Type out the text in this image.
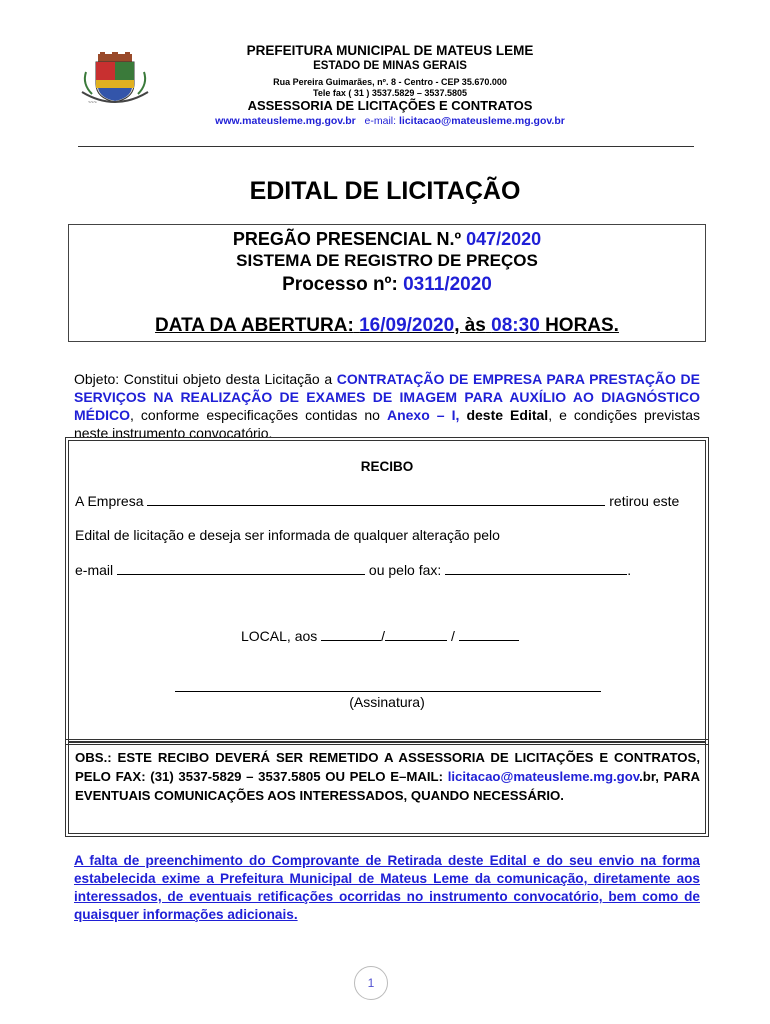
~~~
PREFEITURA MUNICIPAL DE MATEUS LEME
ESTADO DE MINAS GERAIS
Rua Pereira Guimarães, nº. 8 - Centro - CEP 35.670.000
Tele fax ( 31 ) 3537.5829 – 3537.5805
ASSESSORIA DE LICITAÇÕES E CONTRATOS
www.mateusleme.mg.gov.br e-mail: licitacao@mateusleme.mg.gov.br
EDITAL DE LICITAÇÃO
PREGÃO PRESENCIAL N.º 047/2020
SISTEMA DE REGISTRO DE PREÇOS
Processo nº: 0311/2020
DATA DA ABERTURA: 16/09/2020, às 08:30 HORAS.
Objeto: Constitui objeto desta Licitação a CONTRATAÇÃO DE EMPRESA PARA PRESTAÇÃO DE SERVIÇOS NA REALIZAÇÃO DE EXAMES DE IMAGEM PARA AUXÍLIO AO DIAGNÓSTICO MÉDICO, conforme especificações contidas no Anexo – I, deste Edital, e condições previstas neste instrumento convocatório.
RECIBO
A Empresa	retirou este
Edital de licitação e deseja ser informada de qualquer alteração pelo
e-mail	ou pelo fax:	.
LOCAL, aos	/	/
(Assinatura)
OBS.: ESTE RECIBO DEVERÁ SER REMETIDO A ASSESSORIA DE LICITAÇÕES E CONTRATOS, PELO FAX: (31) 3537-5829 – 3537.5805 OU PELO E–MAIL: licitacao@mateusleme.mg.gov.br, PARA EVENTUAIS COMUNICAÇÕES AOS INTERESSADOS, QUANDO NECESSÁRIO.
A falta de preenchimento do Comprovante de Retirada deste Edital e do seu envio na forma estabelecida exime a Prefeitura Municipal de Mateus Leme da comunicação, diretamente aos interessados, de eventuais retificações ocorridas no instrumento convocatório, bem como de quaisquer informações adicionais.
1
